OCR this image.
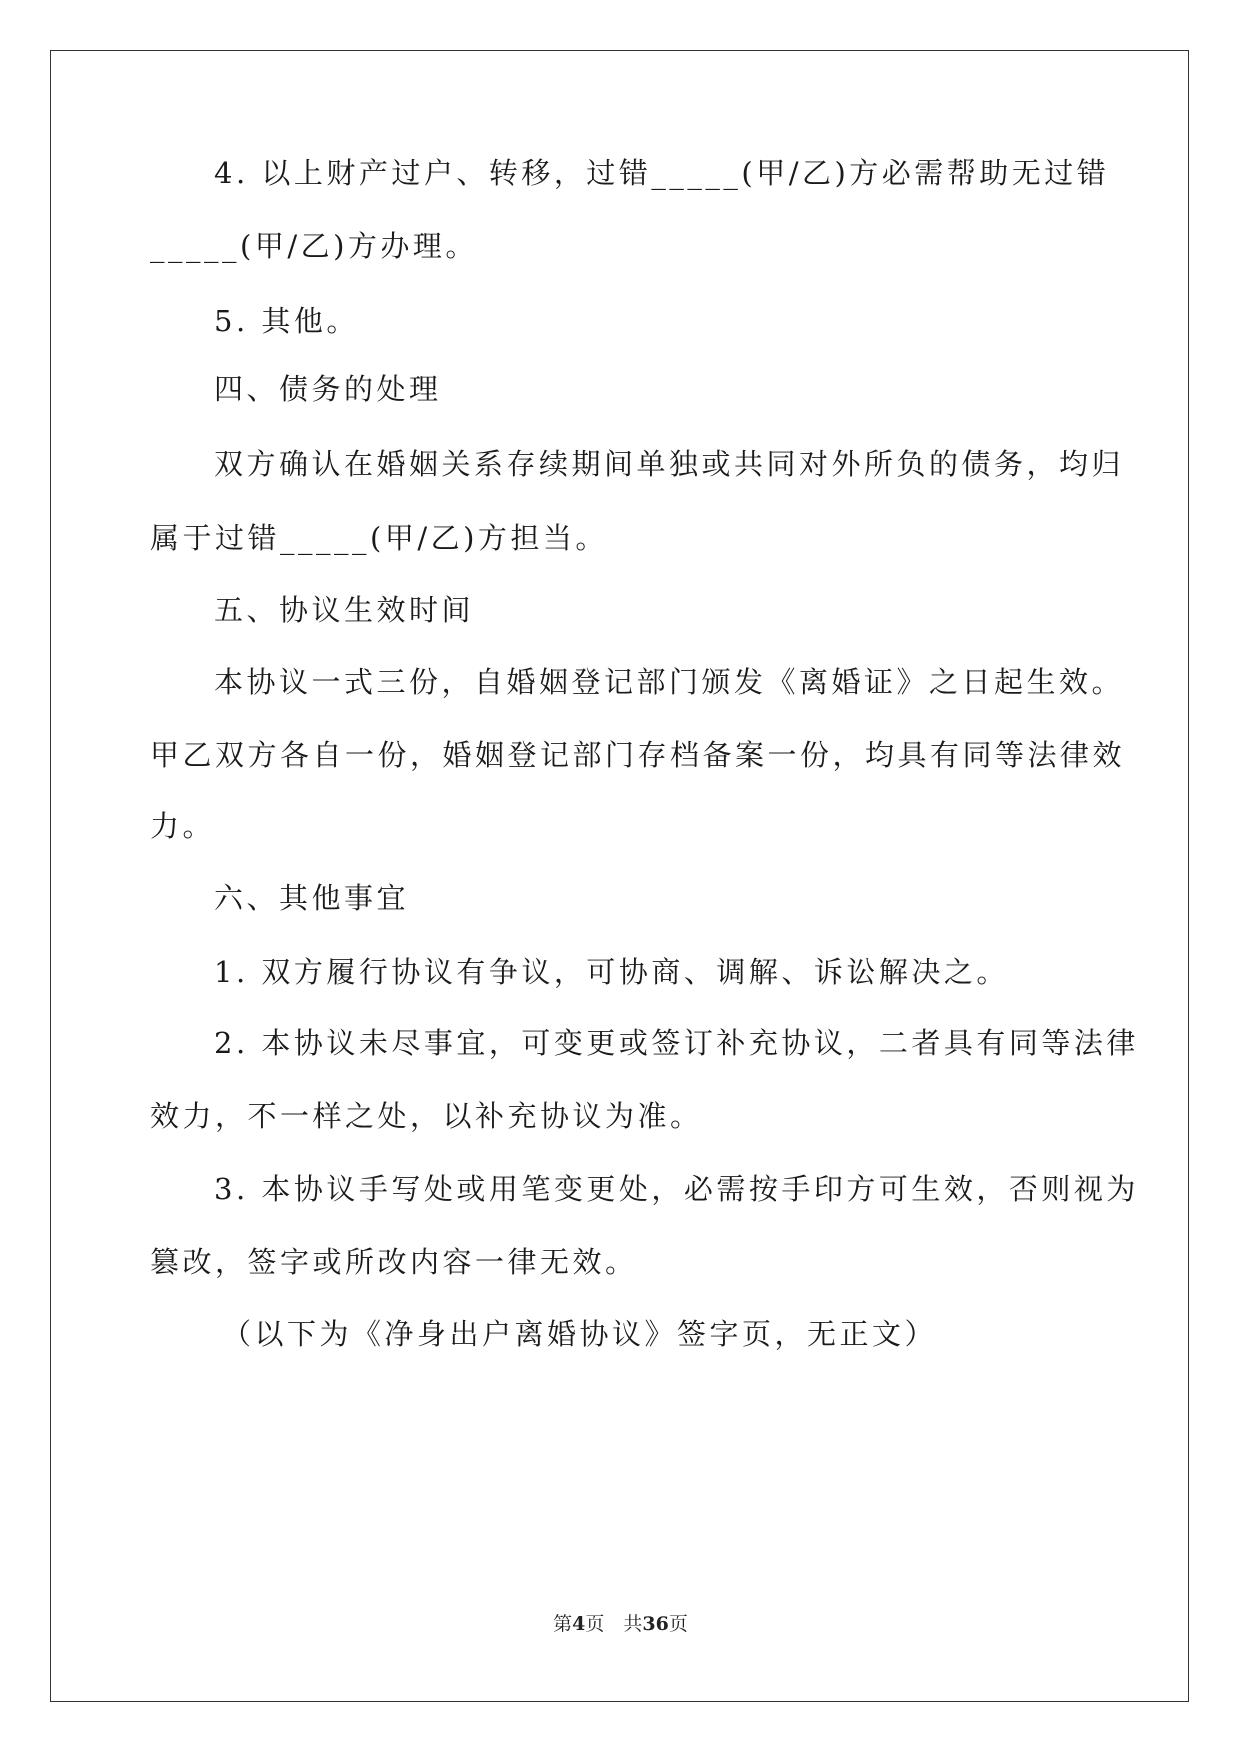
4. 以上财产过户、转移，过错_____(甲/乙)方必需帮助无过错
_____(甲/乙)方办理。
5. 其他。
四、债务的处理
双方确认在婚姻关系存续期间单独或共同对外所负的债务，均归
属于过错_____(甲/乙)方担当。
五、协议生效时间
本协议一式三份，自婚姻登记部门颁发《离婚证》之日起生效。
甲乙双方各自一份，婚姻登记部门存档备案一份，均具有同等法律效
力。
六、其他事宜
1. 双方履行协议有争议，可协商、调解、诉讼解决之。
2. 本协议未尽事宜，可变更或签订补充协议，二者具有同等法律
效力，不一样之处，以补充协议为准。
3. 本协议手写处或用笔变更处，必需按手印方可生效，否则视为
篡改，签字或所改内容一律无效。
（以下为《净身出户离婚协议》签字页，无正文）
第4页　共36页
